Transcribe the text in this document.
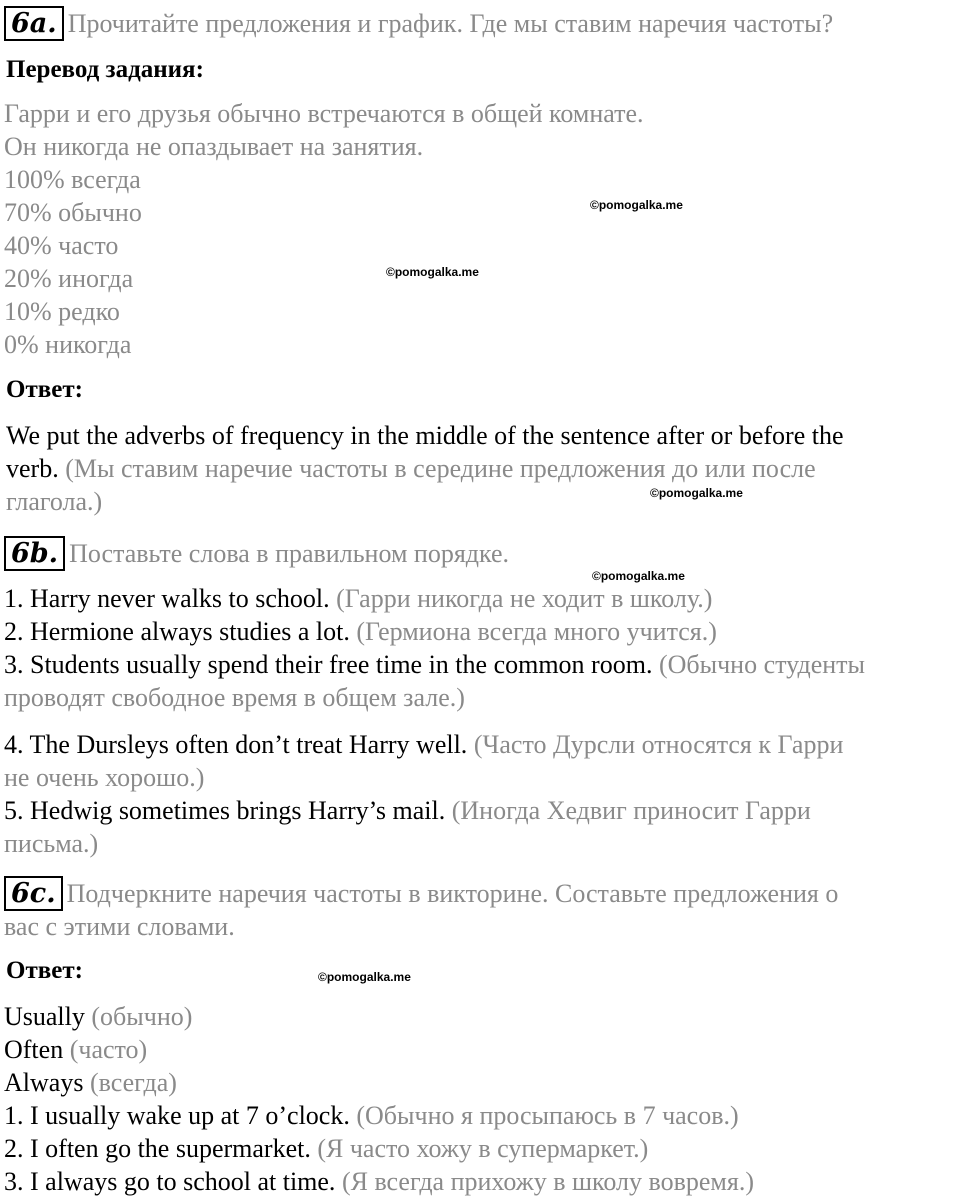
6a. Прочитайте предложения и график. Где мы ставим наречия частоты?
Перевод задания:
Гарри и его друзья обычно встречаются в общей комнате.
Он никогда не опаздывает на занятия.
100% всегда
70% обычно
40% часто
20% иногда
10% редко
0% никогда
Ответ:
We put the adverbs of frequency in the middle of the sentence after or before the
verb. (Мы ставим наречие частоты в середине предложения до или после
глагола.)
6b. Поставьте слова в правильном порядке.
1. Harry never walks to school. (Гарри никогда не ходит в школу.)
2. Hermione always studies a lot. (Гермиона всегда много учится.)
3. Students usually spend their free time in the common room. (Обычно студенты
проводят свободное время в общем зале.)
4. The Dursleys often don’t treat Harry well. (Часто Дурсли относятся к Гарри
не очень хорошо.)
5. Hedwig sometimes brings Harry’s mail. (Иногда Хедвиг приносит Гарри
письма.)
6c. Подчеркните наречия частоты в викторине. Составьте предложения о
вас с этими словами.
Ответ:
Usually (обычно)
Often (часто)
Always (всегда)
1. I usually wake up at 7 o’clock. (Обычно я просыпаюсь в 7 часов.)
2. I often go the supermarket. (Я часто хожу в супермаркет.)
3. I always go to school at time. (Я всегда прихожу в школу вовремя.)
©pomogalka.me
©pomogalka.me
©pomogalka.me
©pomogalka.me
©pomogalka.me
